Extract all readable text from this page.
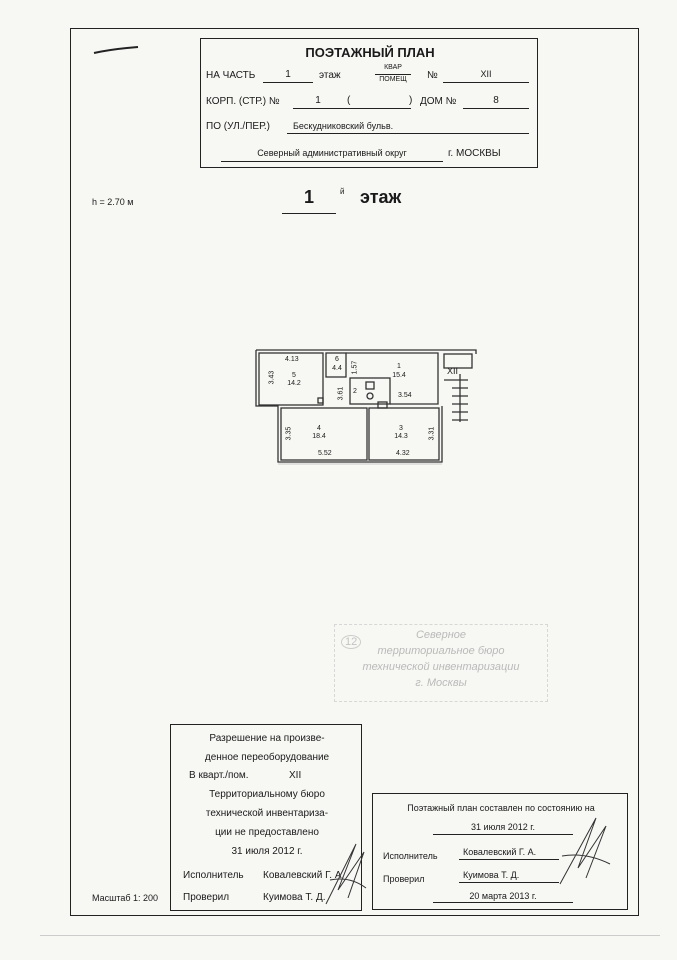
ПОЭТАЖНЫЙ ПЛАН
НА ЧАСТЬ	1	этаж
КВАР
ПОМЕЩ	№	XII
КОРП. (СТР.) №	1	(	) ДОМ №	8
ПО (УЛ./ПЕР.)	Бескудниковский бульв.
Северный административный округ	г. МОСКВЫ
h = 2.70 м	1	й этаж
4.13
5
14.2
6
4.4	1
15.4
2
4
18.4
3
14.3
3.43
1.57
3.61	3.54
3.35	3.31
5.52	4.32
XII
Северное
территориальное бюро
технической инвентаризации
г. Москвы
12
Разрешение на произве-
денное переоборудование
В кварт./пом.	XII
Территориальному бюро
технической инвентариза-
ции не предоставлено
31 июля 2012 г.
Исполнитель Ковалевский Г. А.
Проверил	Куимова Т. Д.
Поэтажный план составлен по состоянию на
31 июля 2012 г.
Исполнитель	Ковалевский Г. А.
Проверил	Куимова Т. Д.
20 марта 2013 г.
Масштаб 1: 200
